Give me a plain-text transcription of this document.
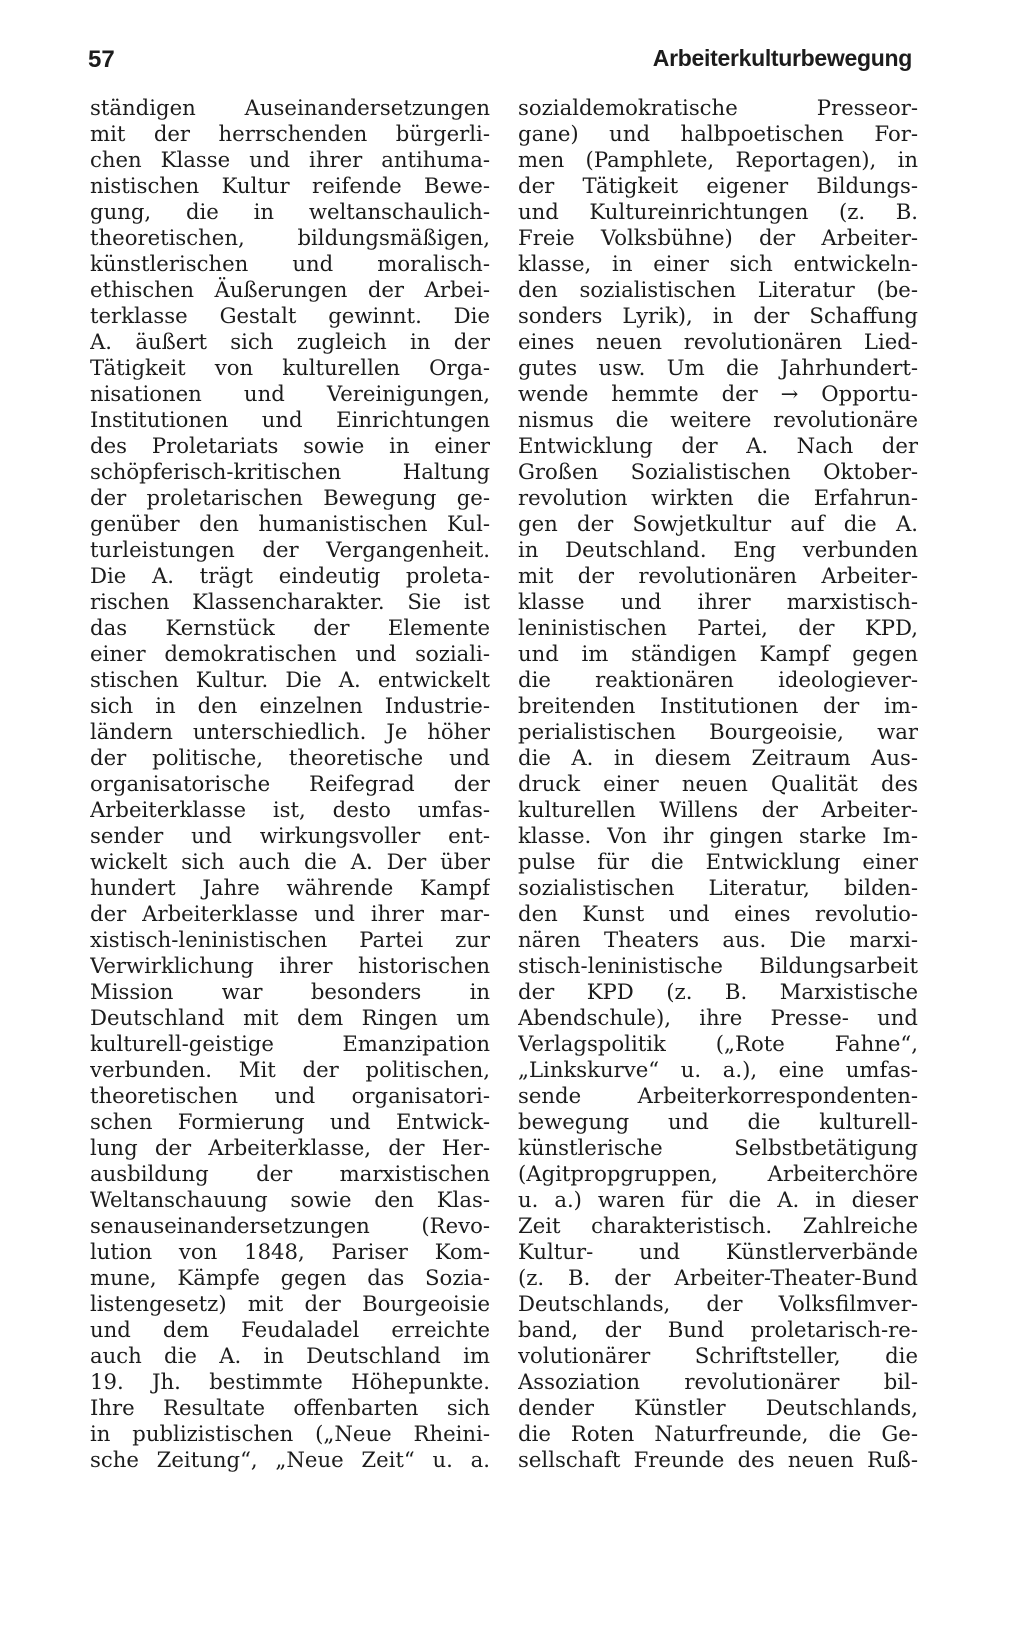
57	Arbeiterkulturbewegung
ständigen Auseinandersetzungen
mit der herrschenden bürgerli-
chen Klasse und ihrer antihuma-
nistischen Kultur reifende Bewe-
gung, die in weltanschaulich-
theoretischen, bildungsmäßigen,
künstlerischen und moralisch-
ethischen Äußerungen der Arbei-
terklasse Gestalt gewinnt. Die
A. äußert sich zugleich in der
Tätigkeit von kulturellen Orga-
nisationen und Vereinigungen,
Institutionen und Einrichtungen
des Proletariats sowie in einer
schöpferisch-kritischen Haltung
der proletarischen Bewegung ge-
genüber den humanistischen Kul-
turleistungen der Vergangenheit.
Die A. trägt eindeutig proleta-
rischen Klassencharakter. Sie ist
das Kernstück der Elemente
einer demokratischen und soziali-
stischen Kultur. Die A. entwickelt
sich in den einzelnen Industrie-
ländern unterschiedlich. Je höher
der politische, theoretische und
organisatorische Reifegrad der
Arbeiterklasse ist, desto umfas-
sender und wirkungsvoller ent-
wickelt sich auch die A. Der über
hundert Jahre währende Kampf
der Arbeiterklasse und ihrer mar-
xistisch-leninistischen Partei zur
Verwirklichung ihrer historischen
Mission war besonders in
Deutschland mit dem Ringen um
kulturell-geistige Emanzipation
verbunden. Mit der politischen,
theoretischen und organisatori-
schen Formierung und Entwick-
lung der Arbeiterklasse, der Her-
ausbildung der marxistischen
Weltanschauung sowie den Klas-
senauseinandersetzungen (Revo-
lution von 1848, Pariser Kom-
mune, Kämpfe gegen das Sozia-
listengesetz) mit der Bourgeoisie
und dem Feudaladel erreichte
auch die A. in Deutschland im
19. Jh. bestimmte Höhepunkte.
Ihre Resultate offenbarten sich
in publizistischen („Neue Rheini-
sche Zeitung“, „Neue Zeit“ u. a.
sozialdemokratische Presseor-
gane) und halbpoetischen For-
men (Pamphlete, Reportagen), in
der Tätigkeit eigener Bildungs-
und Kultureinrichtungen (z. B.
Freie Volksbühne) der Arbeiter-
klasse, in einer sich entwickeln-
den sozialistischen Literatur (be-
sonders Lyrik), in der Schaffung
eines neuen revolutionären Lied-
gutes usw. Um die Jahrhundert-
wende hemmte der → Opportu-
nismus die weitere revolutionäre
Entwicklung der A. Nach der
Großen Sozialistischen Oktober-
revolution wirkten die Erfahrun-
gen der Sowjetkultur auf die A.
in Deutschland. Eng verbunden
mit der revolutionären Arbeiter-
klasse und ihrer marxistisch-
leninistischen Partei, der KPD,
und im ständigen Kampf gegen
die reaktionären ideologiever-
breitenden Institutionen der im-
perialistischen Bourgeoisie, war
die A. in diesem Zeitraum Aus-
druck einer neuen Qualität des
kulturellen Willens der Arbeiter-
klasse. Von ihr gingen starke Im-
pulse für die Entwicklung einer
sozialistischen Literatur, bilden-
den Kunst und eines revolutio-
nären Theaters aus. Die marxi-
stisch-leninistische Bildungsarbeit
der KPD (z. B. Marxistische
Abendschule), ihre Presse- und
Verlagspolitik („Rote Fahne“,
„Linkskurve“ u. a.), eine umfas-
sende Arbeiterkorrespondenten-
bewegung und die kulturell-
künstlerische Selbstbetätigung
(Agitpropgruppen, Arbeiterchöre
u. a.) waren für die A. in dieser
Zeit charakteristisch. Zahlreiche
Kultur- und Künstlerverbände
(z. B. der Arbeiter-Theater-Bund
Deutschlands, der Volksfilmver-
band, der Bund proletarisch-re-
volutionärer Schriftsteller, die
Assoziation revolutionärer bil-
dender Künstler Deutschlands,
die Roten Naturfreunde, die Ge-
sellschaft Freunde des neuen Ruß-
